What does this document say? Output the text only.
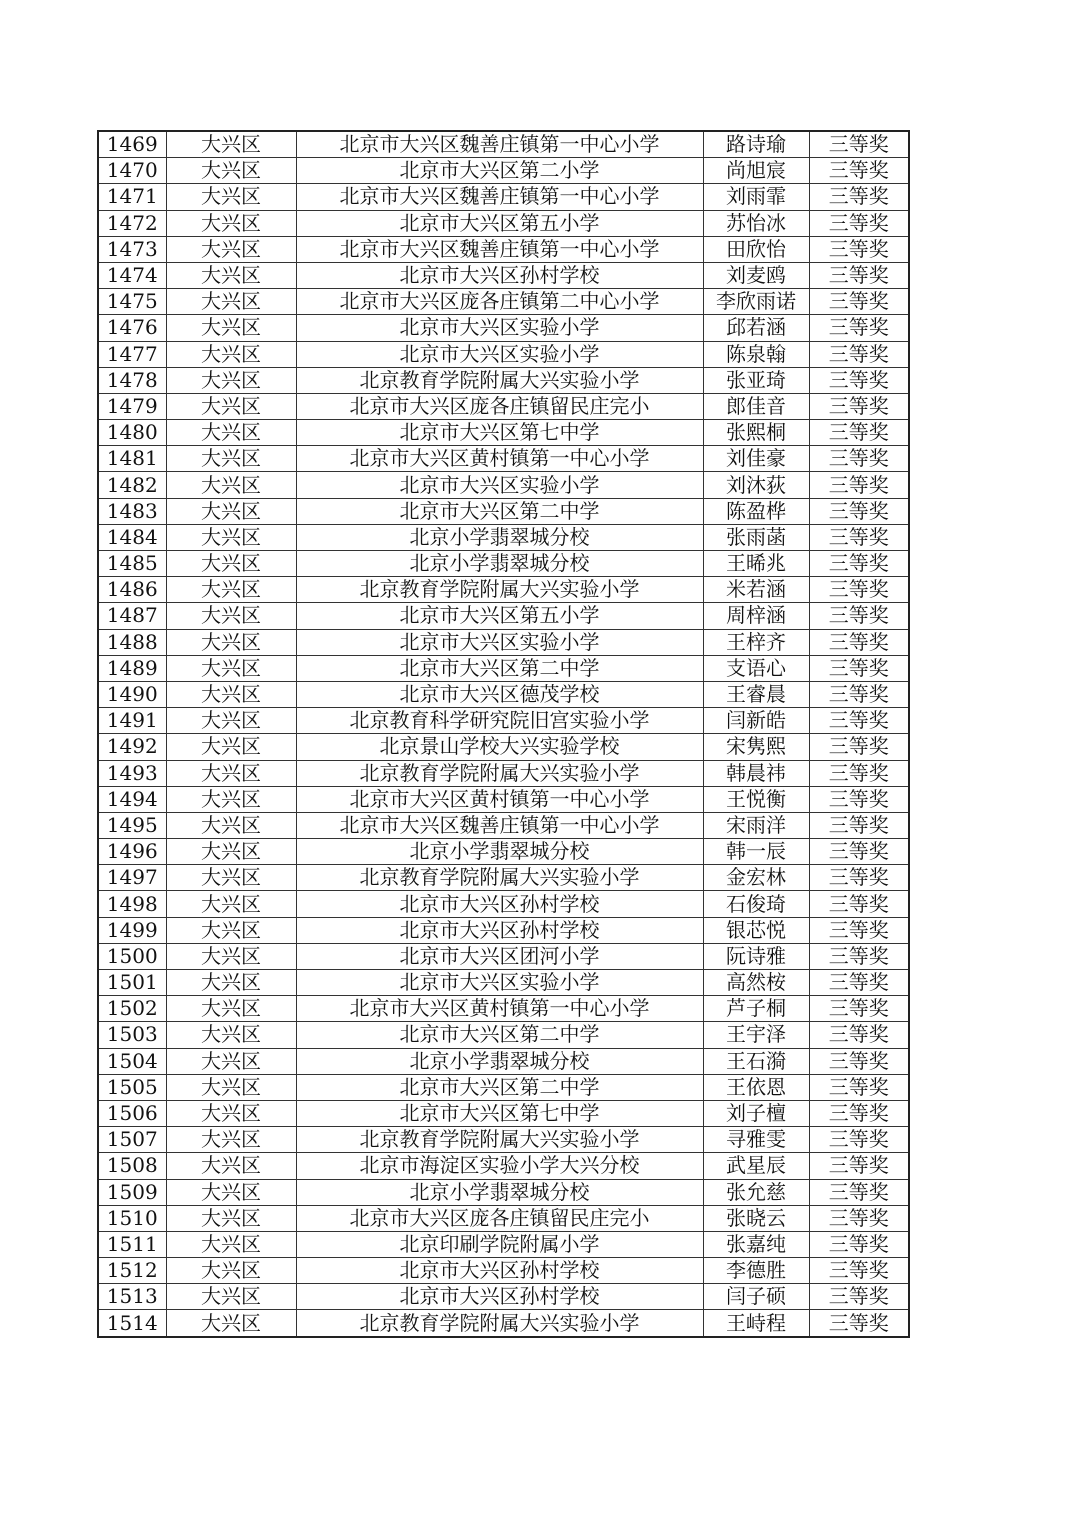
1469	大兴区	北京市大兴区魏善庄镇第一中心小学	路诗瑜	三等奖
1470	大兴区	北京市大兴区第二小学	尚旭宸	三等奖
1471	大兴区	北京市大兴区魏善庄镇第一中心小学	刘雨霏	三等奖
1472	大兴区	北京市大兴区第五小学	苏怡冰	三等奖
1473	大兴区	北京市大兴区魏善庄镇第一中心小学	田欣怡	三等奖
1474	大兴区	北京市大兴区孙村学校	刘麦鸥	三等奖
1475	大兴区	北京市大兴区庞各庄镇第二中心小学	李欣雨诺	三等奖
1476	大兴区	北京市大兴区实验小学	邱若涵	三等奖
1477	大兴区	北京市大兴区实验小学	陈泉翰	三等奖
1478	大兴区	北京教育学院附属大兴实验小学	张亚琦	三等奖
1479	大兴区	北京市大兴区庞各庄镇留民庄完小	郎佳音	三等奖
1480	大兴区	北京市大兴区第七中学	张熙桐	三等奖
1481	大兴区	北京市大兴区黄村镇第一中心小学	刘佳豪	三等奖
1482	大兴区	北京市大兴区实验小学	刘沐荻	三等奖
1483	大兴区	北京市大兴区第二中学	陈盈桦	三等奖
1484	大兴区	北京小学翡翠城分校	张雨菡	三等奖
1485	大兴区	北京小学翡翠城分校	王晞兆	三等奖
1486	大兴区	北京教育学院附属大兴实验小学	米若涵	三等奖
1487	大兴区	北京市大兴区第五小学	周梓涵	三等奖
1488	大兴区	北京市大兴区实验小学	王梓齐	三等奖
1489	大兴区	北京市大兴区第二中学	支语心	三等奖
1490	大兴区	北京市大兴区德茂学校	王睿晨	三等奖
1491	大兴区	北京教育科学研究院旧宫实验小学	闫新皓	三等奖
1492	大兴区	北京景山学校大兴实验学校	宋隽熙	三等奖
1493	大兴区	北京教育学院附属大兴实验小学	韩晨祎	三等奖
1494	大兴区	北京市大兴区黄村镇第一中心小学	王悦衡	三等奖
1495	大兴区	北京市大兴区魏善庄镇第一中心小学	宋雨洋	三等奖
1496	大兴区	北京小学翡翠城分校	韩一辰	三等奖
1497	大兴区	北京教育学院附属大兴实验小学	金宏林	三等奖
1498	大兴区	北京市大兴区孙村学校	石俊琦	三等奖
1499	大兴区	北京市大兴区孙村学校	银芯悦	三等奖
1500	大兴区	北京市大兴区团河小学	阮诗雅	三等奖
1501	大兴区	北京市大兴区实验小学	高然桉	三等奖
1502	大兴区	北京市大兴区黄村镇第一中心小学	芦子桐	三等奖
1503	大兴区	北京市大兴区第二中学	王宇泽	三等奖
1504	大兴区	北京小学翡翠城分校	王石漪	三等奖
1505	大兴区	北京市大兴区第二中学	王依恩	三等奖
1506	大兴区	北京市大兴区第七中学	刘子檀	三等奖
1507	大兴区	北京教育学院附属大兴实验小学	寻雅雯	三等奖
1508	大兴区	北京市海淀区实验小学大兴分校	武星辰	三等奖
1509	大兴区	北京小学翡翠城分校	张允慈	三等奖
1510	大兴区	北京市大兴区庞各庄镇留民庄完小	张晓云	三等奖
1511	大兴区	北京印刷学院附属小学	张嘉纯	三等奖
1512	大兴区	北京市大兴区孙村学校	李德胜	三等奖
1513	大兴区	北京市大兴区孙村学校	闫子硕	三等奖
1514	大兴区	北京教育学院附属大兴实验小学	王峙程	三等奖
